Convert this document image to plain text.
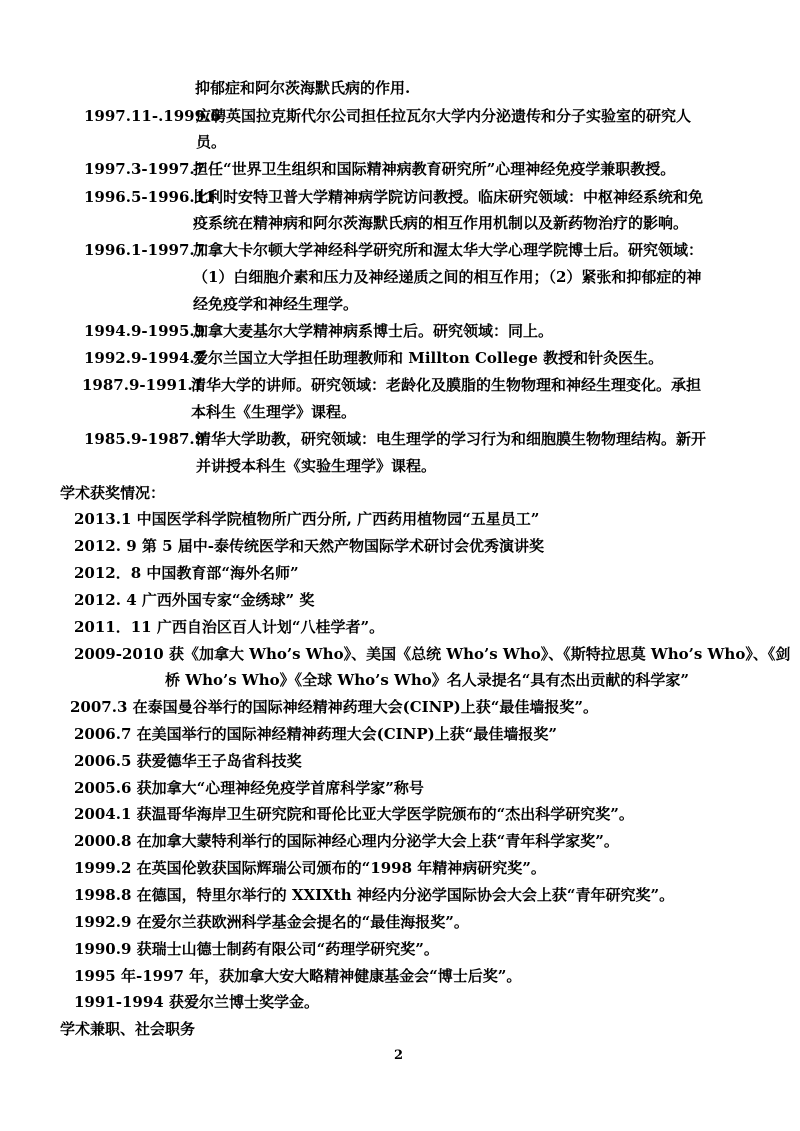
抑郁症和阿尔茨海默氏病的作用.
1997.11-.1999.6
应聘英国拉克斯代尔公司担任拉瓦尔大学内分泌遗传和分子实验室的研究人
员。
1997.3-1997.7
担任“世界卫生组织和国际精神病教育研究所”心理神经免疫学兼职教授。
1996.5-1996.11
比利时安特卫普大学精神病学院访问教授。临床研究领域：中枢神经系统和免
疫系统在精神病和阿尔茨海默氏病的相互作用机制以及新药物治疗的影响。
1996.1-1997.7
加拿大卡尔顿大学神经科学研究所和渥太华大学心理学院博士后。研究领域：
（1）白细胞介素和压力及神经递质之间的相互作用；（2）紧张和抑郁症的神
经免疫学和神经生理学。
1994.9-1995.9
加拿大麦基尔大学精神病系博士后。研究领域：同上。
1992.9-1994.7
爱尔兰国立大学担任助理教师和 Millton College 教授和针灸医生。
1987.9-1991.1
清华大学的讲师。研究领域：老龄化及膜脂的生物物理和神经生理变化。承担
本科生《生理学》课程。
1985.9-1987.9
清华大学助教，研究领域：电生理学的学习行为和细胞膜生物物理结构。新开
并讲授本科生《实验生理学》课程。
学术获奖情况：
2013.1 中国医学科学院植物所广西分所, 广西药用植物园“五星员工”
2012. 9 第 5 届中-泰传统医学和天然产物国际学术研讨会优秀演讲奖
2012．8 中国教育部“海外名师”
2012. 4 广西外国专家“金绣球” 奖
2011．11 广西自治区百人计划“八桂学者”。
2009-2010 获《加拿大 Who’s Who》、美国《总统 Who’s Who》、《斯特拉思莫 Who’s Who》、《剑
桥 Who’s Who》《全球 Who’s Who》名人录提名“具有杰出贡献的科学家”
2007.3 在泰国曼谷举行的国际神经精神药理大会(CINP)上获“最佳墙报奖”。
2006.7 在美国举行的国际神经精神药理大会(CINP)上获“最佳墙报奖”
2006.5 获爱德华王子岛省科技奖
2005.6 获加拿大“心理神经免疫学首席科学家”称号
2004.1 获温哥华海岸卫生研究院和哥伦比亚大学医学院颁布的“杰出科学研究奖”。
2000.8 在加拿大蒙特利举行的国际神经心理内分泌学大会上获“青年科学家奖”。
1999.2 在英国伦敦获国际辉瑞公司颁布的“1998 年精神病研究奖”。
1998.8 在德国，特里尔举行的 XXIXth 神经内分泌学国际协会大会上获“青年研究奖”。
1992.9 在爱尔兰获欧洲科学基金会提名的“最佳海报奖”。
1990.9 获瑞士山德士制药有限公司“药理学研究奖”。
1995 年-1997 年，获加拿大安大略精神健康基金会“博士后奖”。
1991-1994 获爱尔兰博士奖学金。
学术兼职、社会职务
2
